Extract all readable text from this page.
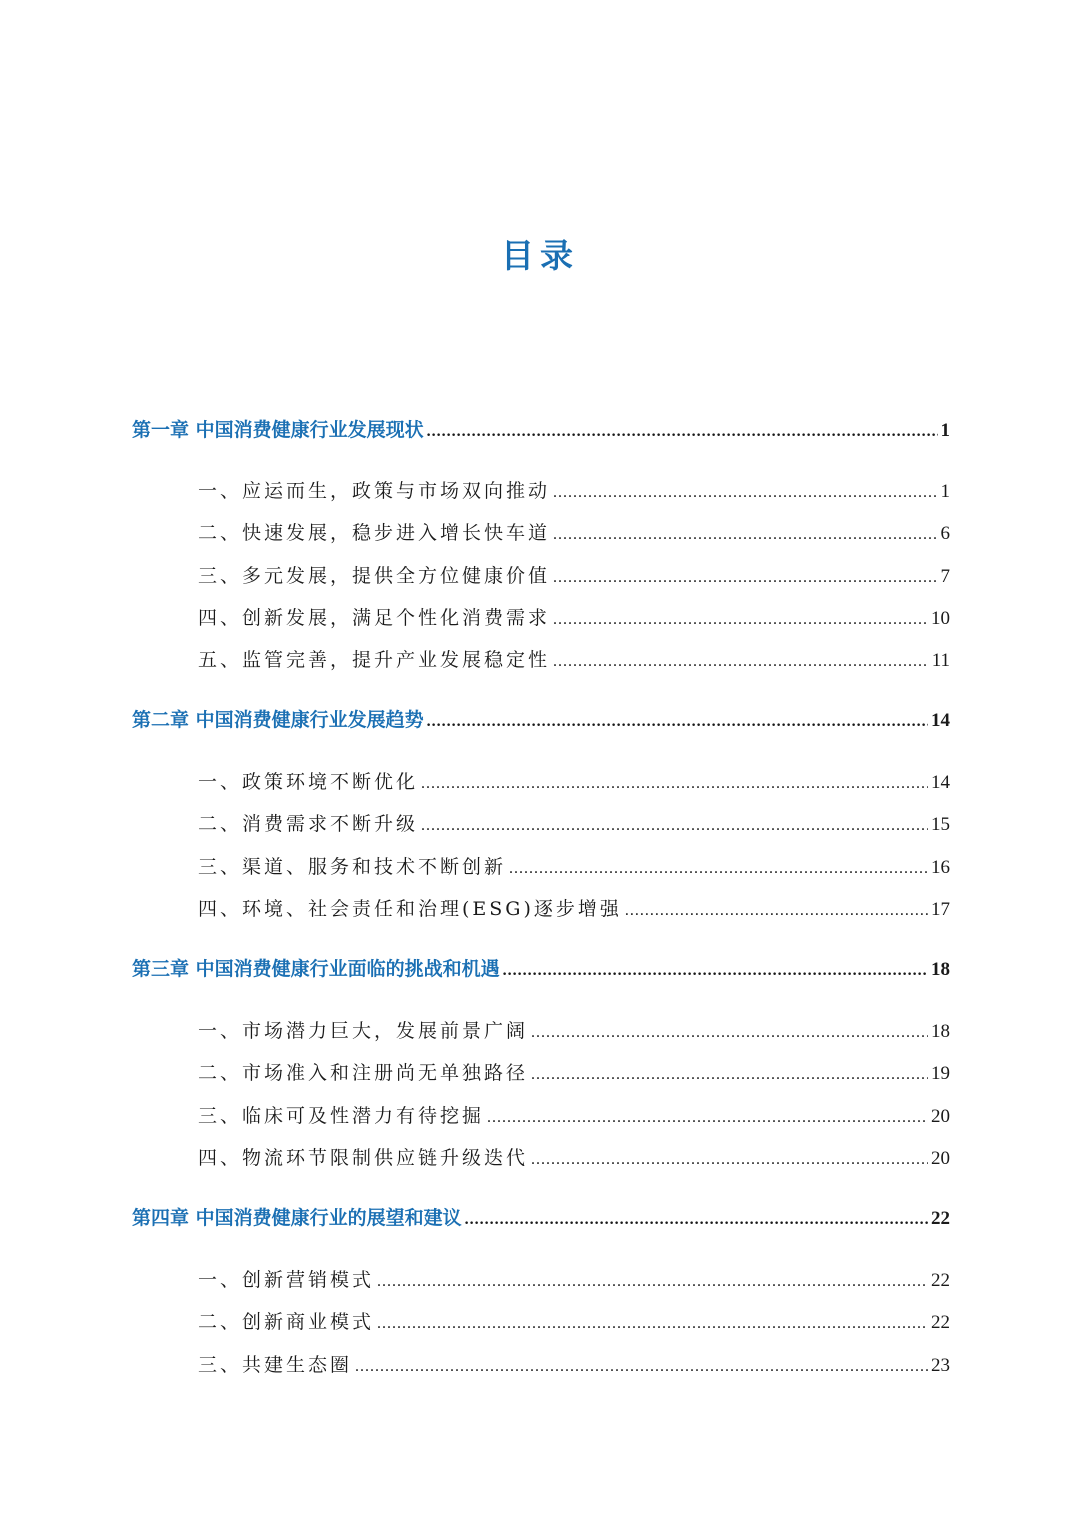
目录
第一章 中国消费健康行业发展现状 .....	1
一、应运而生，政策与市场双向推动 .....	1
二、快速发展，稳步进入增长快车道 .....	6
三、多元发展，提供全方位健康价值 .....	7
四、创新发展，满足个性化消费需求 .....	10
五、监管完善，提升产业发展稳定性 .....	11
第二章 中国消费健康行业发展趋势 .....	14
一、政策环境不断优化 .....	14
二、消费需求不断升级 .....	15
三、渠道、服务和技术不断创新 .....	16
四、环境、社会责任和治理(ESG)逐步增强 .....	17
第三章 中国消费健康行业面临的挑战和机遇 .....	18
一、市场潜力巨大，发展前景广阔 .....	18
二、市场准入和注册尚无单独路径 .....	19
三、临床可及性潜力有待挖掘 .....	20
四、物流环节限制供应链升级迭代 .....	20
第四章 中国消费健康行业的展望和建议 .....	22
一、创新营销模式 .....	22
二、创新商业模式 .....	22
三、共建生态圈 .....	23
